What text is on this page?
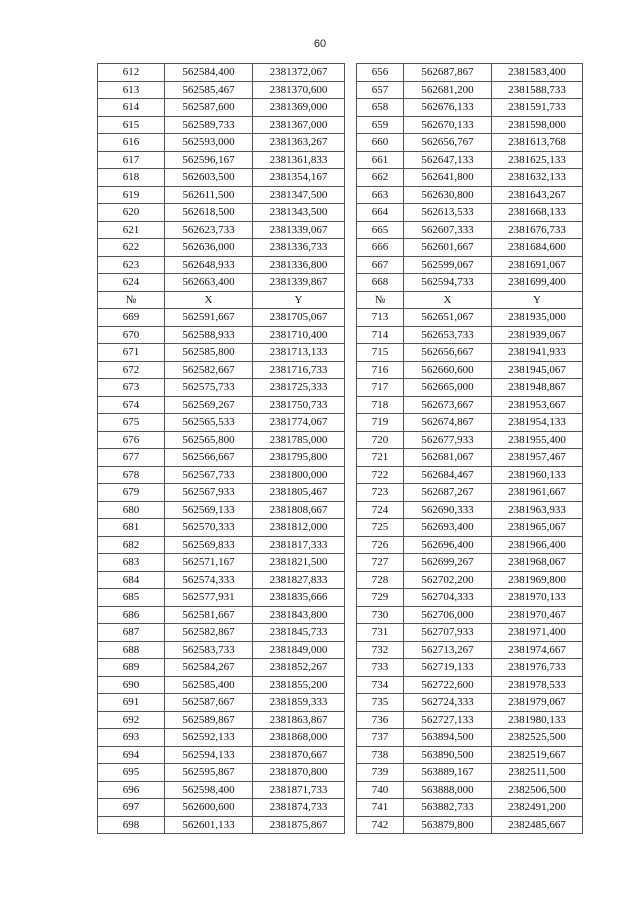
60
612	562584,400	2381372,067
613	562585,467	2381370,600
614	562587,600	2381369,000
615	562589,733	2381367,000
616	562593,000	2381363,267
617	562596,167	2381361,833
618	562603,500	2381354,167
619	562611,500	2381347,500
620	562618,500	2381343,500
621	562623,733	2381339,067
622	562636,000	2381336,733
623	562648,933	2381336,800
624	562663,400	2381339,867
№	X	Y
669	562591,667	2381705,067
670	562588,933	2381710,400
671	562585,800	2381713,133
672	562582,667	2381716,733
673	562575,733	2381725,333
674	562569,267	2381750,733
675	562565,533	2381774,067
676	562565,800	2381785,000
677	562566,667	2381795,800
678	562567,733	2381800,000
679	562567,933	2381805,467
680	562569,133	2381808,667
681	562570,333	2381812,000
682	562569,833	2381817,333
683	562571,167	2381821,500
684	562574,333	2381827,833
685	562577,931	2381835,666
686	562581,667	2381843,800
687	562582,867	2381845,733
688	562583,733	2381849,000
689	562584,267	2381852,267
690	562585,400	2381855,200
691	562587,667	2381859,333
692	562589,867	2381863,867
693	562592,133	2381868,000
694	562594,133	2381870,667
695	562595,867	2381870,800
696	562598,400	2381871,733
697	562600,600	2381874,733
698	562601,133	2381875,867
656	562687,867	2381583,400
657	562681,200	2381588,733
658	562676,133	2381591,733
659	562670,133	2381598,000
660	562656,767	2381613,768
661	562647,133	2381625,133
662	562641,800	2381632,133
663	562630,800	2381643,267
664	562613,533	2381668,133
665	562607,333	2381676,733
666	562601,667	2381684,600
667	562599,067	2381691,067
668	562594,733	2381699,400
№	X	Y
713	562651,067	2381935,000
714	562653,733	2381939,067
715	562656,667	2381941,933
716	562660,600	2381945,067
717	562665,000	2381948,867
718	562673,667	2381953,667
719	562674,867	2381954,133
720	562677,933	2381955,400
721	562681,067	2381957,467
722	562684,467	2381960,133
723	562687,267	2381961,667
724	562690,333	2381963,933
725	562693,400	2381965,067
726	562696,400	2381966,400
727	562699,267	2381968,067
728	562702,200	2381969,800
729	562704,333	2381970,133
730	562706,000	2381970,467
731	562707,933	2381971,400
732	562713,267	2381974,667
733	562719,133	2381976,733
734	562722,600	2381978,533
735	562724,333	2381979,067
736	562727,133	2381980,133
737	563894,500	2382525,500
738	563890,500	2382519,667
739	563889,167	2382511,500
740	563888,000	2382506,500
741	563882,733	2382491,200
742	563879,800	2382485,667
